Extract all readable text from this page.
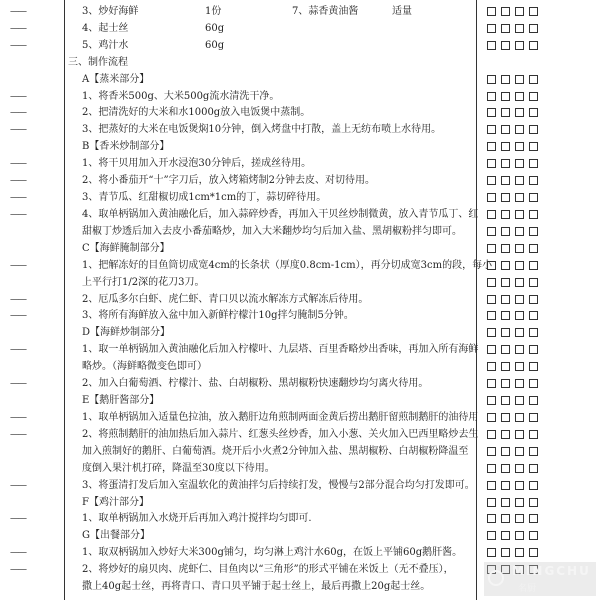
——	3、炒好海鲜	1份	7、蒜香黄油酱	适量
——	4、起士丝	60g
——	5、鸡汁水	60g
三、制作流程
A【蒸米部分】
——	1、将香米500g、大米500g流水清洗干净。
——	2、把清洗好的大米和水1000g放入电饭煲中蒸制。
——	3、把蒸好的大米在电饭煲焖10分钟，倒入烤盘中打散，盖上无纺布喷上水待用。
B【香米炒制部分】
——	1、将干贝用加入开水浸泡30分钟后，搓成丝待用。
——	2、将小番茄开“十”字刀后，放入烤箱烤制2分钟去皮、对切待用。
——	3、青节瓜、红甜椒切成1cm*1cm的丁，蒜切碎待用。
——	4、取单柄锅加入黄油融化后，加入蒜碎炒香，再加入干贝丝炒制微黄，放入青节瓜丁、红
甜椒丁炒透后加入去皮小番茄略炒，加入大米翻炒均匀后加入盐、黑胡椒粉拌匀即可。
C【海鲜腌制部分】
——	1、把解冻好的目鱼筒切成宽4cm的长条状（厚度0.8cm-1cm），再分切成宽3cm的段，每小
上平行打1/2深的花刀3刀。
——	2、厄瓜多尔白虾、虎仁虾、青口贝以流水解冻方式解冻后待用。
——	3、将所有海鲜放入盆中加入新鲜柠檬汁10g拌匀腌制5分钟。
D【海鲜炒制部分】
——	1、取一单柄锅加入黄油融化后加入柠檬叶、九层塔、百里香略炒出香味，再加入所有海鲜
略炒。（海鲜略微变色即可）
——	2、加入白葡萄酒、柠檬汁、盐、白胡椒粉、黑胡椒粉快速翻炒均匀离火待用。
E【鹅肝酱部分】
——	1、取单柄锅加入适量色拉油，放入鹅肝边角煎制两面金黄后捞出鹅肝留煎制鹅肝的油待用
——	2、将煎制鹅肝的油加热后加入蒜片、红葱头丝炒香，加入小葱、关火加入巴西里略炒去生
加入煎制好的鹅肝、白葡萄酒。烧开后小火煮2分钟加入盐、黑胡椒粉、白胡椒粉降温至
度倒入果汁机打碎，降温至30度以下待用。
——	3、将蛋清打发后加入室温软化的黄油拌匀后持续打发，慢慢与2部分混合均匀打发即可。
F【鸡汁部分】
——	1、取单柄锅加入水烧开后再加入鸡汁搅拌均匀即可.
G【出餐部分】
——	1、取双柄锅加入炒好大米300g铺匀，均匀淋上鸡汁水60g，在饭上平铺60g鹅肝酱。
——	2、将炒好的扇贝肉、虎虾仁、目鱼肉以“三角形”的形式平铺在米饭上（无不叠压），
撒上40g起士丝，再将青口、青口贝平铺于起士丝上，最后再撒上20g起士丝。
MINGCHU
名厨
